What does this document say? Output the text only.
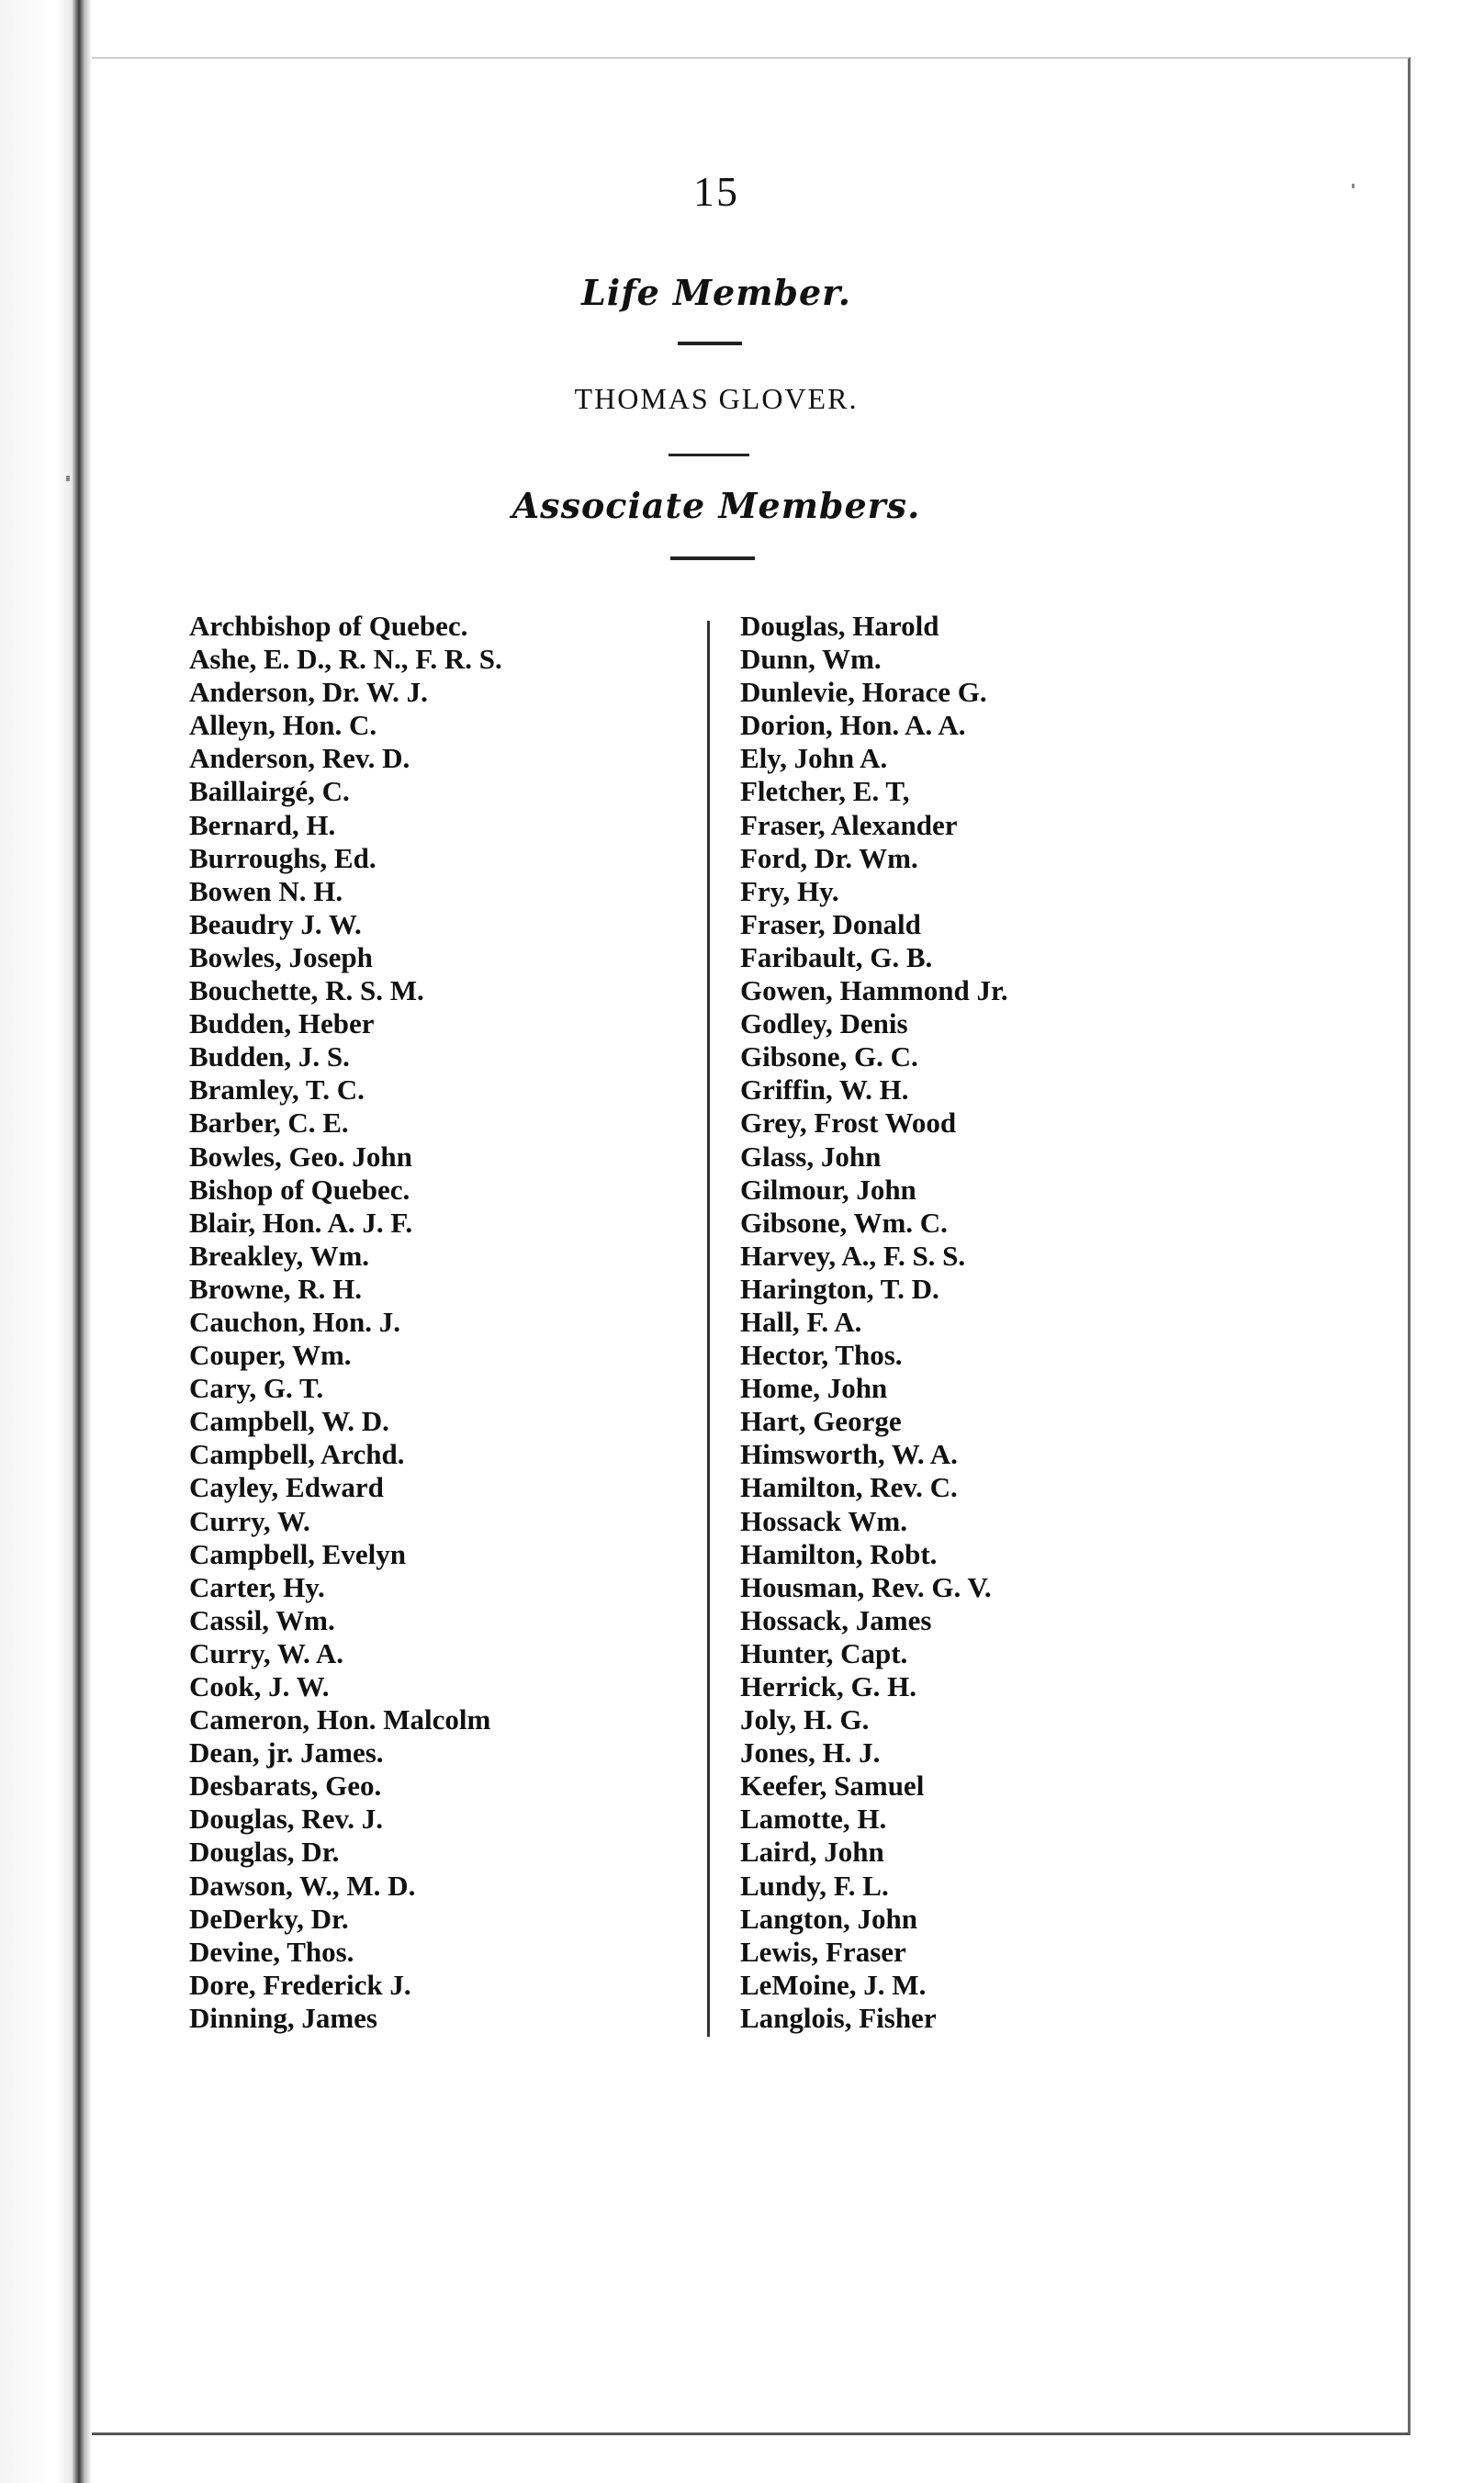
15
Life Member.
THOMAS GLOVER.
Associate Members.
Archbishop of Quebec.
Ashe, E. D., R. N., F. R. S.
Anderson, Dr. W. J.
Alleyn, Hon. C.
Anderson, Rev. D.
Baillairgé, C.
Bernard, H.
Burroughs, Ed.
Bowen N. H.
Beaudry J. W.
Bowles, Joseph
Bouchette, R. S. M.
Budden, Heber
Budden, J. S.
Bramley, T. C.
Barber, C. E.
Bowles, Geo. John
Bishop of Quebec.
Blair, Hon. A. J. F.
Breakley, Wm.
Browne, R. H.
Cauchon, Hon. J.
Couper, Wm.
Cary, G. T.
Campbell, W. D.
Campbell, Archd.
Cayley, Edward
Curry, W.
Campbell, Evelyn
Carter, Hy.
Cassil, Wm.
Curry, W. A.
Cook, J. W.
Cameron, Hon. Malcolm
Dean, jr. James.
Desbarats, Geo.
Douglas, Rev. J.
Douglas, Dr.
Dawson, W., M. D.
DeDerky, Dr.
Devine, Thos.
Dore, Frederick J.
Dinning, James
Douglas, Harold
Dunn, Wm.
Dunlevie, Horace G.
Dorion, Hon. A. A.
Ely, John A.
Fletcher, E. T,
Fraser, Alexander
Ford, Dr. Wm.
Fry, Hy.
Fraser, Donald
Faribault, G. B.
Gowen, Hammond Jr.
Godley, Denis
Gibsone, G. C.
Griffin, W. H.
Grey, Frost Wood
Glass, John
Gilmour, John
Gibsone, Wm. C.
Harvey, A., F. S. S.
Harington, T. D.
Hall, F. A.
Hector, Thos.
Home, John
Hart, George
Himsworth, W. A.
Hamilton, Rev. C.
Hossack Wm.
Hamilton, Robt.
Housman, Rev. G. V.
Hossack, James
Hunter, Capt.
Herrick, G. H.
Joly, H. G.
Jones, H. J.
Keefer, Samuel
Lamotte, H.
Laird, John
Lundy, F. L.
Langton, John
Lewis, Fraser
LeMoine, J. M.
Langlois, Fisher
